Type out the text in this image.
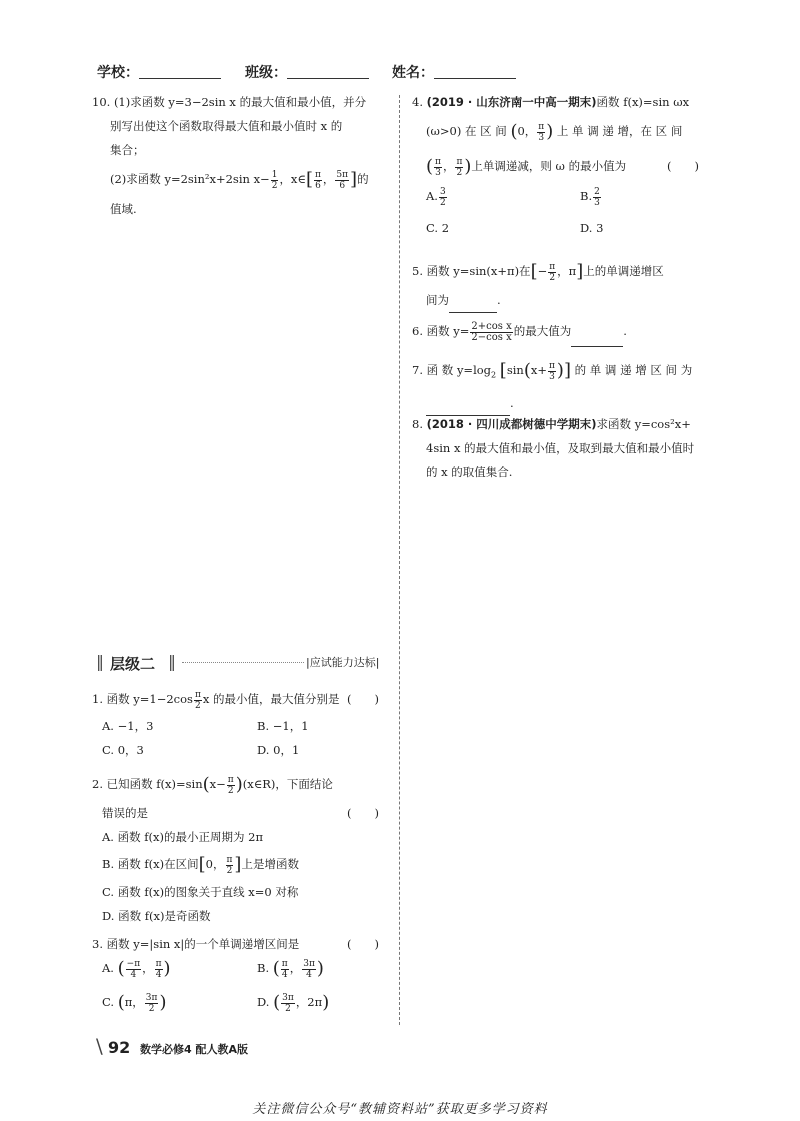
学校：	班级：	姓名：
10. (1)求函数 y=3−2sin x 的最大值和最小值，并分
别写出使这个函数取得最大值和最小值时 x 的
集合；
(2)求函数 y=2sin²x+2sin $x- \frac{1}{2}$ ，x∈[ $\frac{\pi}{6}$ ， $\frac{5\pi}{6}$ ]的
值域.
‖ 层级二 ‖	|应试能力达标|
1. 函数 $y=1-2\cos \frac{\pi}{2}$ x 的最小值，最大值分别是 (　　)
A. −1，3	B. −1，1
C. 0，3	D. 0，1
2. 已知函数 $f(x)=\sin(x- \frac{\pi}{2}$ )(x∈R)，下面结论
错误的是	(　　)
A. 函数 f(x)的最小正周期为 2π
B. 函数 f(x)在区间[0， $\frac{\pi}{2}$ ]上是增函数
C. 函数 f(x)的图象关于直线 x=0 对称
D. 函数 f(x)是奇函数
3. 函数 y=|sin x|的一个单调递增区间是	(　　)
A. ( $\frac{-\pi}{4}$ ， $\frac{\pi}{4}$ )	B. ( $\frac{\pi}{4}$ ， $\frac{3\pi}{4}$ )
C. (π， $\frac{3\pi}{2}$ )	D. ( $\frac{3\pi}{2}$ ，2π)
4. (2019 · 山东济南一中高一期末)函数 f(x)=sin ωx
(ω>0) 在 区 间 (0， $\frac{\pi}{3}$ ) 上 单 调 递 增，在 区 间
( $\frac{\pi}{3}$ ， $\frac{\pi}{2}$ )上单调递减，则 ω 的最小值为	(　　)
A. $\frac{3}{2}$	B. $\frac{2}{3}$
C. 2	D. 3
5. 函数 y=sin(x+π)在[− $\frac{\pi}{2}$ ，π]上的单调递增区
间为	.
6. 函数 $y= \frac{\text{2+cos x}}{\text{2−cos x}}$ 的最大值为	.
7. 函 数 $y=\log_2$ [$\sin(x+ \frac{\pi}{3}$ )] 的 单 调 递 增 区 间 为
.
8. (2018 · 四川成都树德中学期末)求函数 y=cos²x+
4sin x 的最大值和最小值，及取到最大值和最小值时
的 x 的取值集合.
\ 92 数学必修4 配人教A版
关注微信公众号“教辅资料站”获取更多学习资料
